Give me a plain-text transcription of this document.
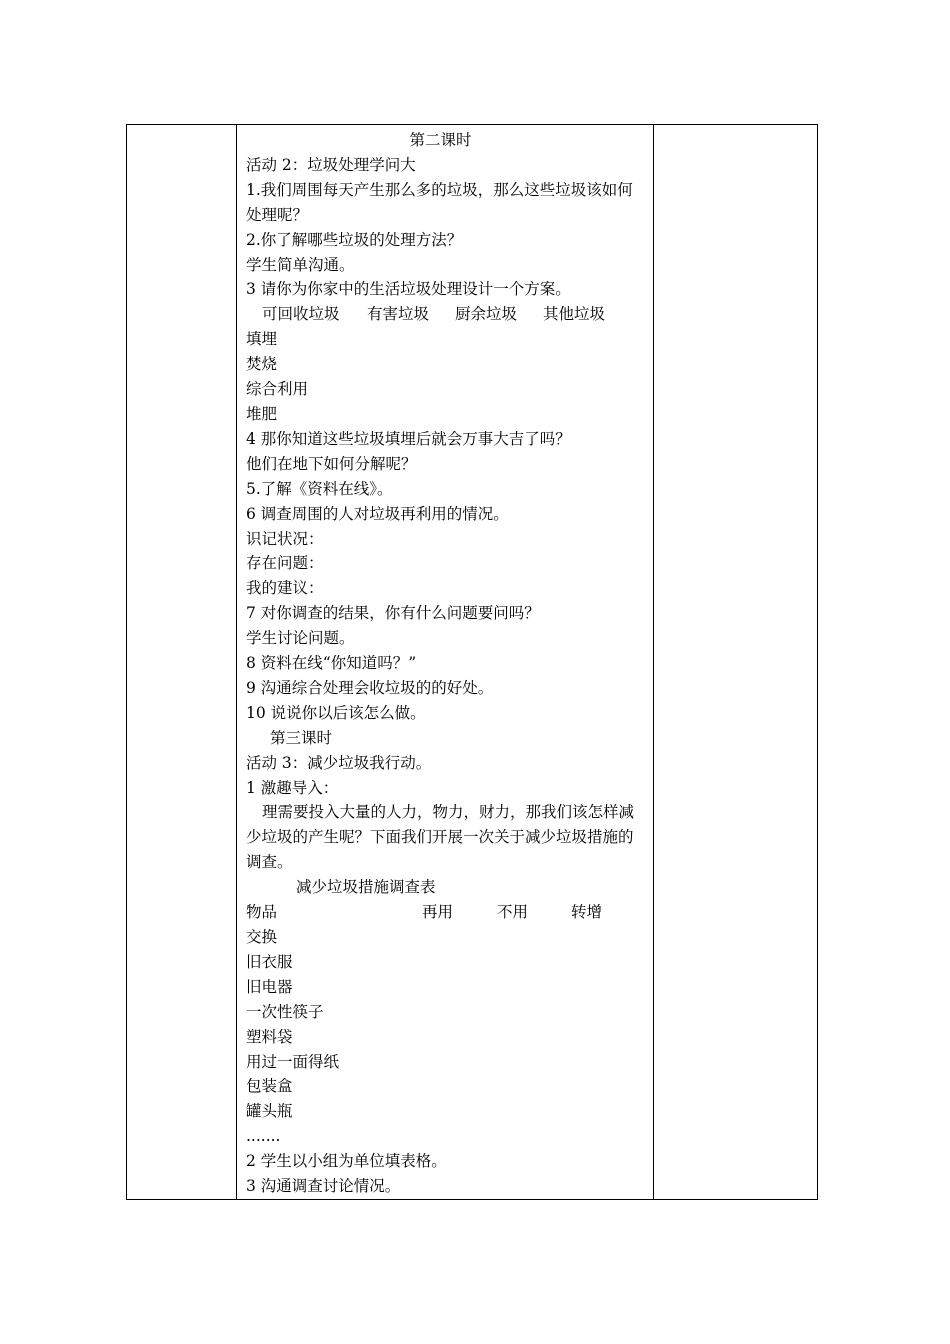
第二课时
活动 2：垃圾处理学问大
1.我们周围每天产生那么多的垃圾，那么这些垃圾该如何处理呢？
2.你了解哪些垃圾的处理方法？
学生简单沟通。
3 请你为你家中的生活垃圾处理设计一个方案。
可回收垃圾 有害垃圾 厨余垃圾 其他垃圾
填埋
焚烧
综合利用
堆肥
4 那你知道这些垃圾填埋后就会万事大吉了吗？
他们在地下如何分解呢？
5.了解《资料在线》。
6 调查周围的人对垃圾再利用的情况。
识记状况：
存在问题：
我的建议：
7 对你调查的结果，你有什么问题要问吗？
学生讨论问题。
8 资料在线“你知道吗？”
9 沟通综合处理会收垃圾的的好处。
10 说说你以后该怎么做。
第三课时
活动 3：减少垃圾我行动。
1 激趣导入：
理需要投入大量的人力，物力，财力，那我们该怎样减少垃圾的产生呢？下面我们开展一次关于减少垃圾措施的调查。
减少垃圾措施调查表
物品	再用	不用	转增
交换
旧衣服
旧电器
一次性筷子
塑料袋
用过一面得纸
包装盒
罐头瓶
.......
2 学生以小组为单位填表格。
3 沟通调查讨论情况。
